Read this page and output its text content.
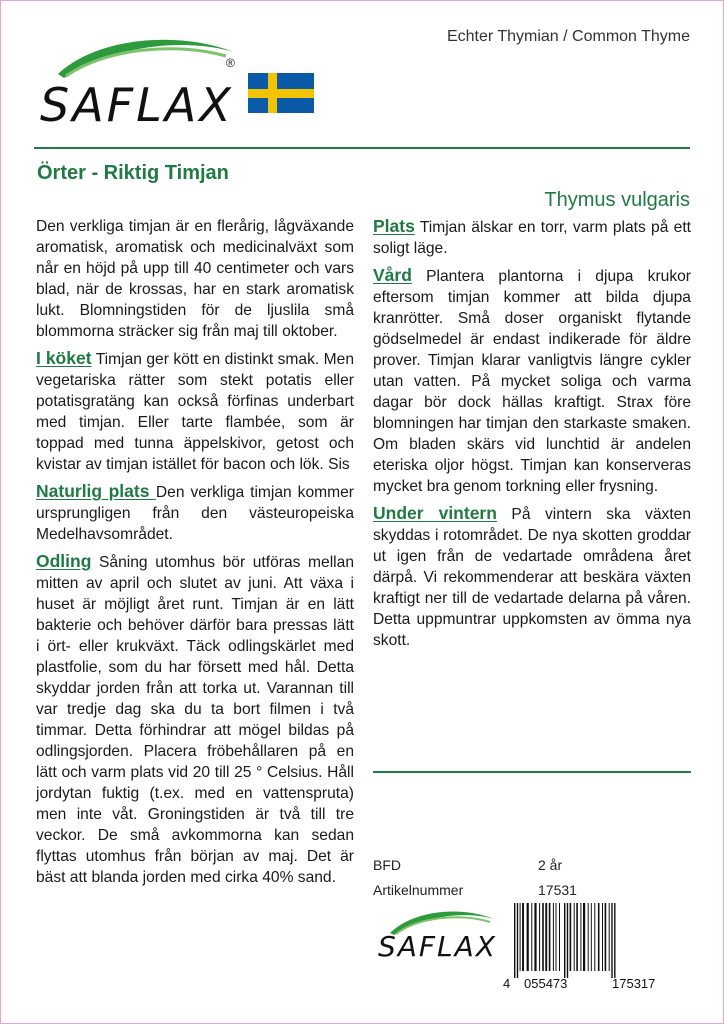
SAFLAX
®
Echter Thymian / Common Thyme
Örter - Riktig Timjan
Thymus vulgaris

Den verkliga timjan är en flerårig, lågväxande aromatisk, aromatisk och medicinalväxt som når en höjd på upp till 40 centimeter och vars blad, när de krossas, har en stark aromatisk lukt. Blomningstiden för de ljuslila små blommorna sträcker sig från maj till oktober.

I köket Timjan ger kött en distinkt smak. Men vegetariska rätter som stekt potatis eller potatisgratäng kan också förfinas underbart med timjan. Eller tarte flambée, som är toppad med tunna äppelskivor, getost och kvistar av timjan istället för bacon och lök. Sis

Naturlig plats Den verkliga timjan kommer ursprungligen från den västeuropeiska Medelhavsområdet.

Odling Såning utomhus bör utföras mellan mitten av april och slutet av juni. Att växa i huset är möjligt året runt. Timjan är en lätt bakterie och behöver därför bara pressas lätt i ört- eller krukväxt. Täck odlingskärlet med plastfolie, som du har försett med hål. Detta skyddar jorden från att torka ut. Varannan till var tredje dag ska du ta bort filmen i två timmar. Detta förhindrar att mögel bildas på odlingsjorden. Placera fröbehållaren på en lätt och varm plats vid 20 till 25 ° Celsius. Håll jordytan fuktig (t.ex. med en vattenspruta) men inte våt. Groningstiden är två till tre veckor. De små avkommorna kan sedan flyttas utomhus från början av maj. Det är bäst att blanda jorden med cirka 40% sand.

Plats Timjan älskar en torr, varm plats på ett soligt läge.

Vård Plantera plantorna i djupa krukor eftersom timjan kommer att bilda djupa kranrötter. Små doser organiskt flytande gödselmedel är endast indikerade för äldre prover. Timjan klarar vanligtvis längre cykler utan vatten. På mycket soliga och varma dagar bör dock hällas kraftigt. Strax före blomningen har timjan den starkaste smaken. Om bladen skärs vid lunchtid är andelen eteriska oljor högst. Timjan kan konserveras mycket bra genom torkning eller frysning.

Under vintern På vintern ska växten skyddas i rotområdet. De nya skotten groddar ut igen från de vedartade områdena året därpå. Vi rekommenderar att beskära växten kraftigt ner till de vedartade delarna på våren. Detta uppmuntrar uppkomsten av ömma nya skott.

BFD	2 år
Artikelnummer	17531
SAFLAX
4 055473	175317
